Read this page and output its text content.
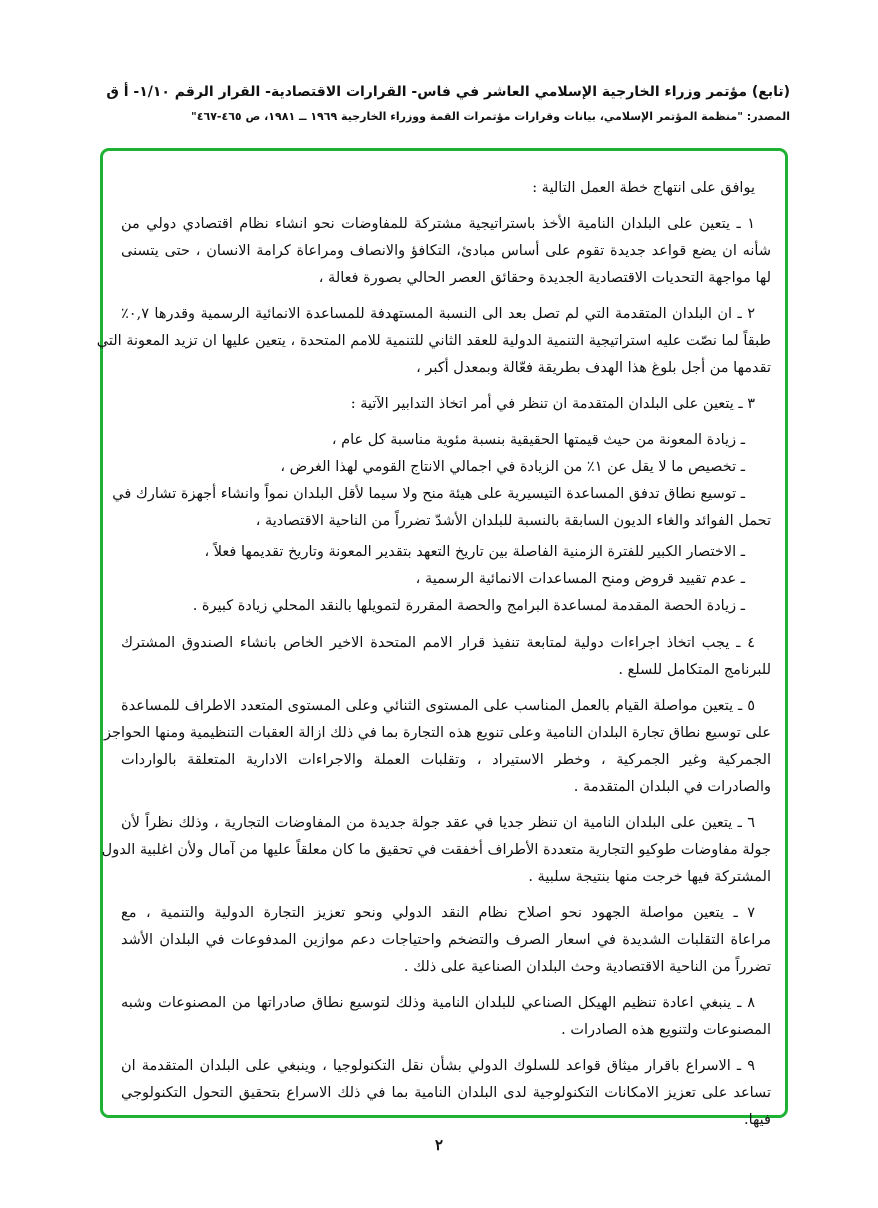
(تابع) مؤتمر وزراء الخارجية الإسلامي العاشر في فاس- القرارات الاقتصادية- القرار الرقم ١/١٠- أ ق
المصدر: "منظمة المؤتمر الإسلامي، بيانات وقرارات مؤتمرات القمة ووزراء الخارجية ١٩٦٩ ــ ١٩٨١، ص ٤٦٥-٤٦٧"
يوافق على انتهاج خطة العمل التالية :
١ ـ يتعين على البلدان النامية الأخذ باستراتيجية مشتركة للمفاوضات نحو انشاء نظام اقتصادي دولي من
شأنه ان يضع قواعد جديدة تقوم على أساس مبادئ، التكافؤ والانصاف ومراعاة كرامة الانسان ، حتى يتسنى
لها مواجهة التحديات الاقتصادية الجديدة وحقائق العصر الحالي بصورة فعالة ،
٢ ـ ان البلدان المتقدمة التي لم تصل بعد الى النسبة المستهدفة للمساعدة الانمائية الرسمية وقدرها ٠,٧٪
طبقاً لما نصّت عليه استراتيجية التنمية الدولية للعقد الثاني للتنمية للامم المتحدة ، يتعين عليها ان تزيد المعونة التي
تقدمها من أجل بلوغ هذا الهدف بطريقة فعّالة وبمعدل أكبر ،
٣ ـ يتعين على البلدان المتقدمة ان تنظر في أمر اتخاذ التدابير الآتية :
ـ زيادة المعونة من حيث قيمتها الحقيقية بنسبة مئوية مناسبة كل عام ،
ـ تخصيص ما لا يقل عن ١٪ من الزيادة في اجمالي الانتاج القومي لهذا الغرض ،
ـ توسيع نطاق تدفق المساعدة التيسيرية على هيئة منح ولا سيما لأقل البلدان نمواً وانشاء أجهزة تشارك في
تحمل الفوائد والغاء الديون السابقة بالنسبة للبلدان الأشدّ تضرراً من الناحية الاقتصادية ،
ـ الاختصار الكبير للفترة الزمنية الفاصلة بين تاريخ التعهد بتقدير المعونة وتاريخ تقديمها فعلاً ،
ـ عدم تقييد قروض ومنح المساعدات الانمائية الرسمية ،
ـ زيادة الحصة المقدمة لمساعدة البرامج والحصة المقررة لتمويلها بالنقد المحلي زيادة كبيرة .
٤ ـ يجب اتخاذ اجراءات دولية لمتابعة تنفيذ قرار الامم المتحدة الاخير الخاص بانشاء الصندوق المشترك
للبرنامج المتكامل للسلع .
٥ ـ يتعين مواصلة القيام بالعمل المناسب على المستوى الثنائي وعلى المستوى المتعدد الاطراف للمساعدة
على توسيع نطاق تجارة البلدان النامية وعلى تنويع هذه التجارة بما في ذلك ازالة العقبات التنظيمية ومنها الحواجز
الجمركية وغير الجمركية ، وخطر الاستيراد ، وتقلبات العملة والاجراءات الادارية المتعلقة بالواردات
والصادرات في البلدان المتقدمة .
٦ ـ يتعين على البلدان النامية ان تنظر جديا في عقد جولة جديدة من المفاوضات التجارية ، وذلك نظراً لأن
جولة مفاوضات طوكيو التجارية متعددة الأطراف أخفقت في تحقيق ما كان معلقاً عليها من آمال ولأن اغلبية الدول
المشتركة فيها خرجت منها بنتيجة سلبية .
٧ ـ يتعين مواصلة الجهود نحو اصلاح نظام النقد الدولي ونحو تعزيز التجارة الدولية والتنمية ، مع
مراعاة التقلبات الشديدة في اسعار الصرف والتضخم واحتياجات دعم موازين المدفوعات في البلدان الأشد
تضرراً من الناحية الاقتصادية وحث البلدان الصناعية على ذلك .
٨ ـ ينبغي اعادة تنظيم الهيكل الصناعي للبلدان النامية وذلك لتوسيع نطاق صادراتها من المصنوعات وشبه
المصنوعات ولتنويع هذه الصادرات .
٩ ـ الاسراع باقرار ميثاق قواعد للسلوك الدولي بشأن نقل التكنولوجيا ، وينبغي على البلدان المتقدمة ان
تساعد على تعزيز الامكانات التكنولوجية لدى البلدان النامية بما في ذلك الاسراع بتحقيق التحول التكنولوجي
فيها.
٢
